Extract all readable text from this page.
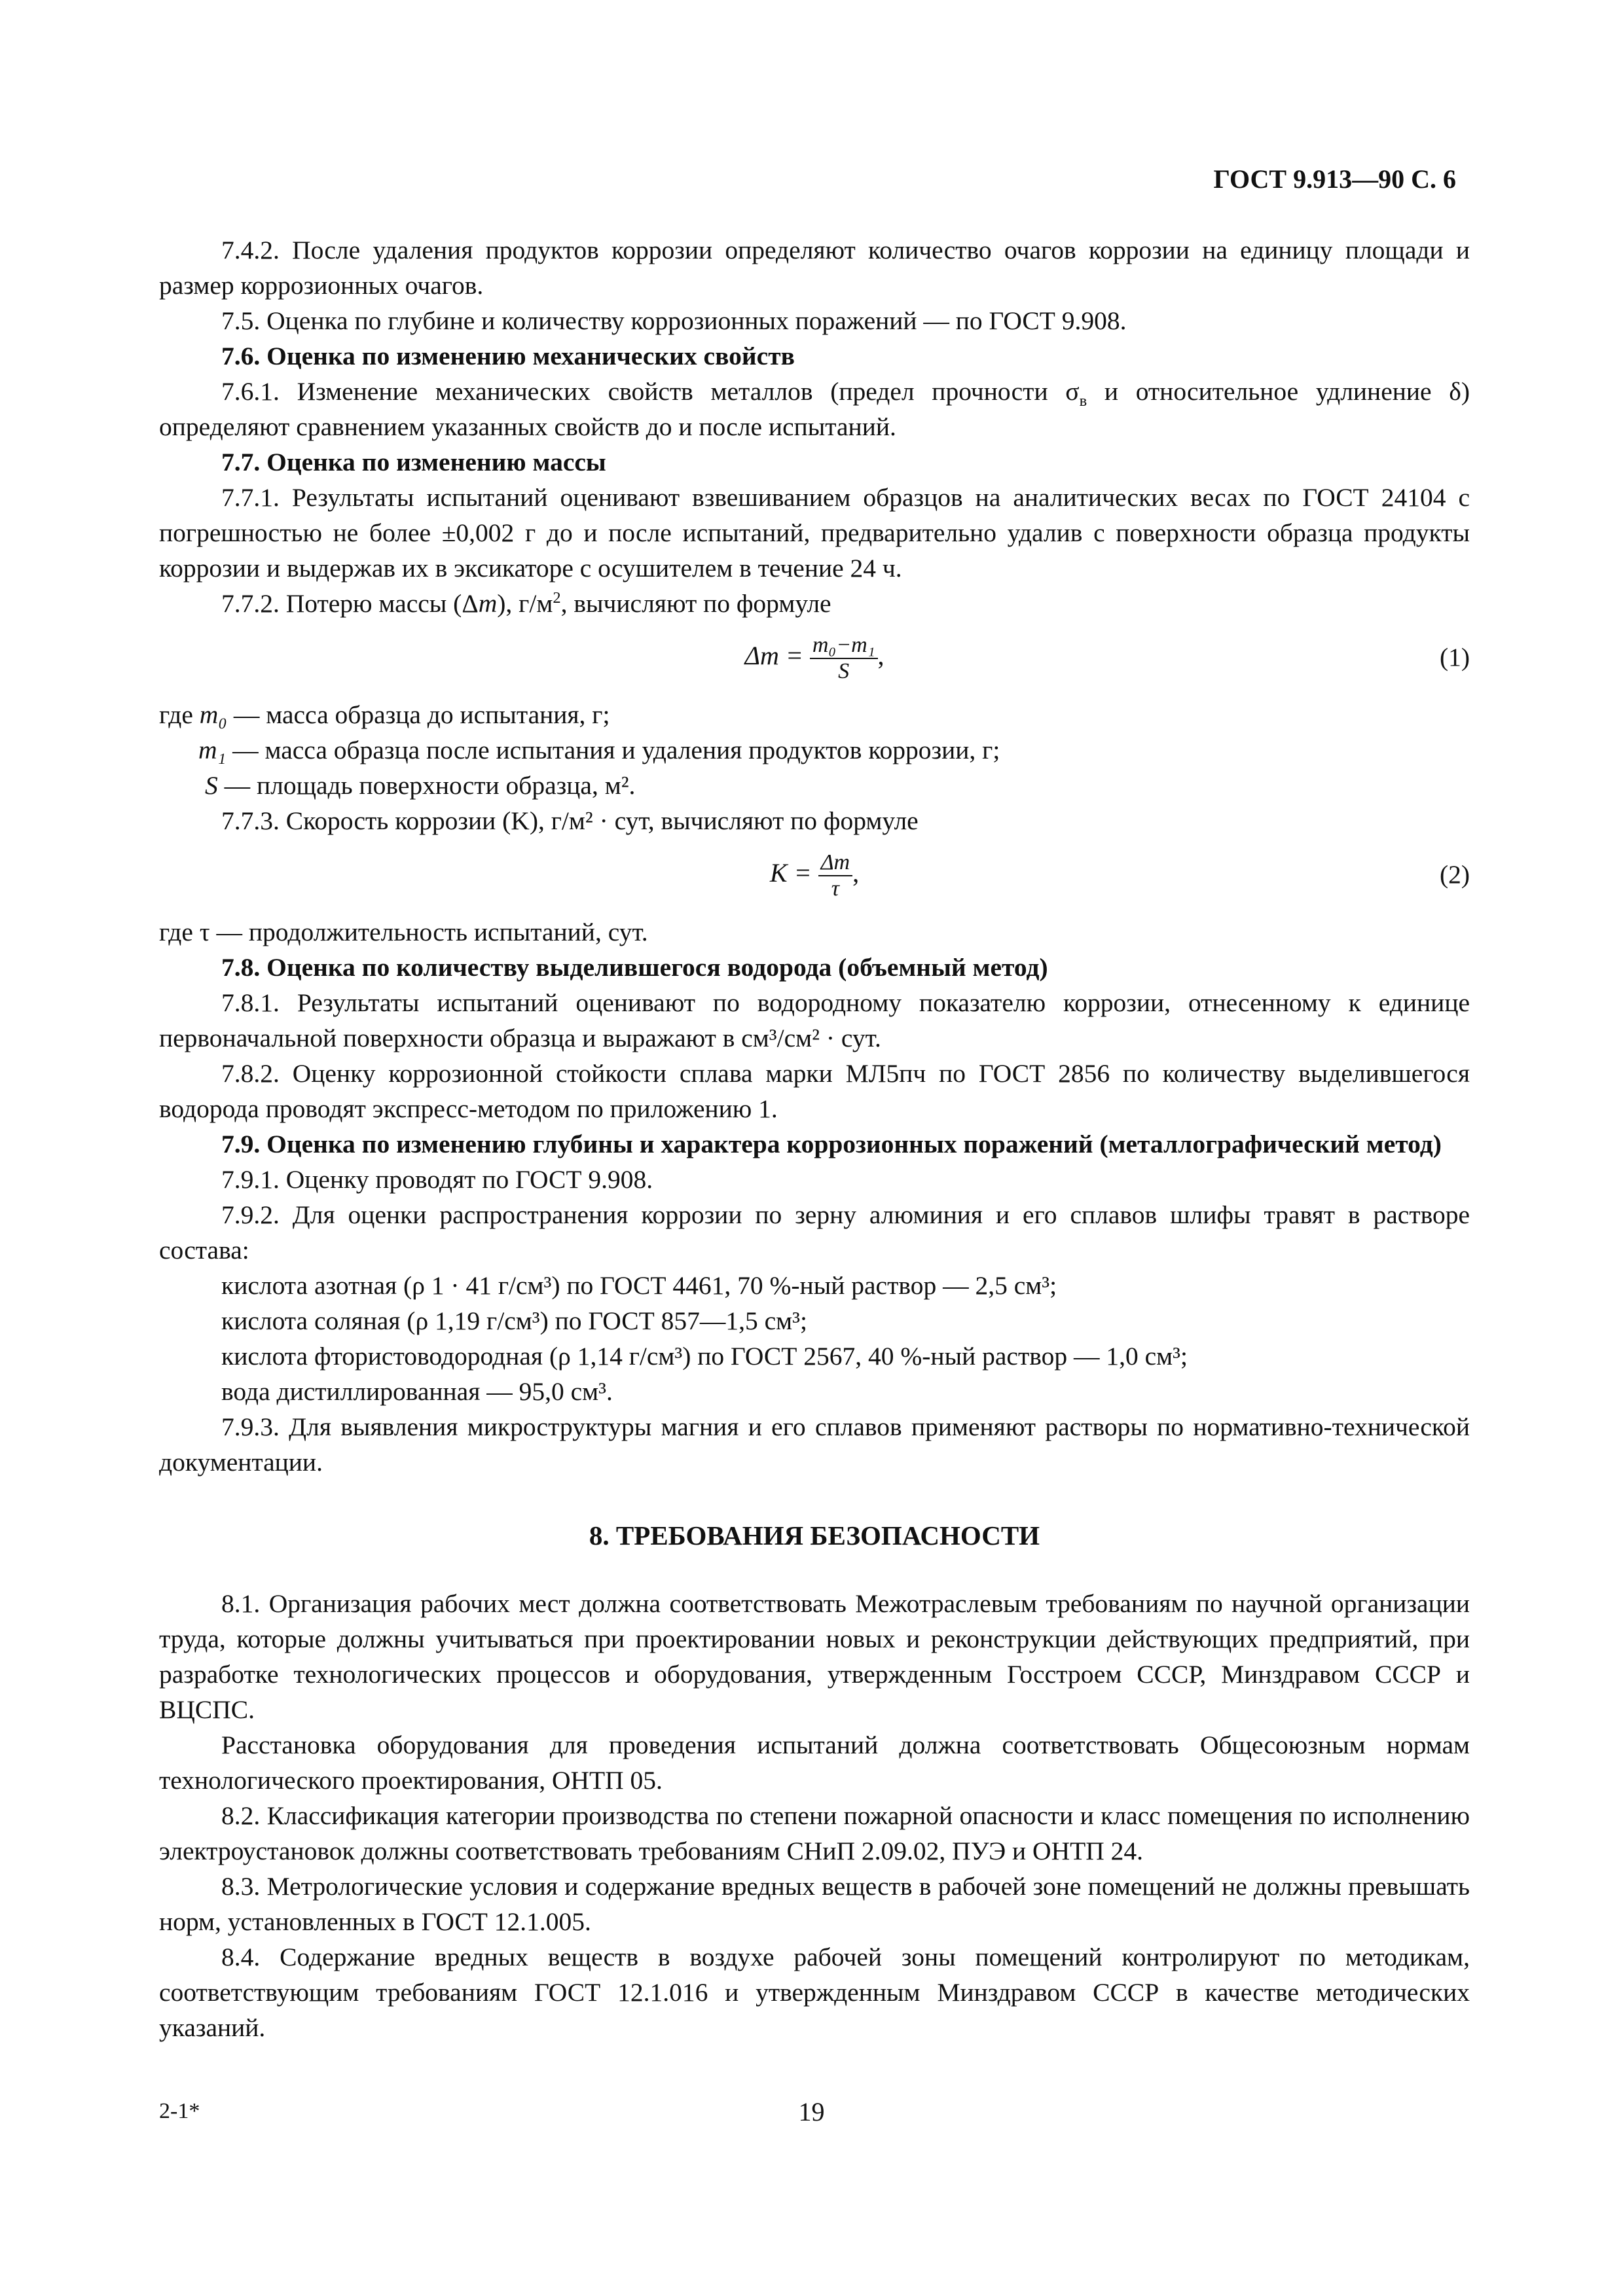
ГОСТ 9.913—90 С. 6

7.4.2. После удаления продуктов коррозии определяют количество очагов коррозии на единицу площади и размер коррозионных очагов.

7.5. Оценка по глубине и количеству коррозионных поражений — по ГОСТ 9.908.

7.6. Оценка по изменению механических свойств

7.6.1. Изменение механических свойств металлов (предел прочности $\sigma_в$ и относительное удлинение δ) определяют сравнением указанных свойств до и после испытаний.

7.7. Оценка по изменению массы

7.7.1. Результаты испытаний оценивают взвешиванием образцов на аналитических весах по ГОСТ 24104 с погрешностью не более ±0,002 г до и после испытаний, предварительно удалив с поверхности образца продукты коррозии и выдержав их в эксикаторе с осушителем в течение 24 ч.

7.7.2. Потерю массы (Δm), $г/м^2$, вычисляют по формуле

$\Delta m = \frac{\text{m₀−m₁}}{S}$ ,	(1)
где m₀ — масса образца до испытания, г;
m₁ — масса образца после испытания и удаления продуктов коррозии, г;
S — площадь поверхности образца, м².

7.7.3. Скорость коррозии (K), г/м² · сут, вычисляют по формуле

$K = \frac{\Delta m}{\tau}$ ,	(2)

где τ — продолжительность испытаний, сут.

7.8. Оценка по количеству выделившегося водорода (объемный метод)

7.8.1. Результаты испытаний оценивают по водородному показателю коррозии, отнесенному к единице первоначальной поверхности образца и выражают в см³/см² · сут.

7.8.2. Оценку коррозионной стойкости сплава марки МЛ5пч по ГОСТ 2856 по количеству выделившегося водорода проводят экспресс-методом по приложению 1.

7.9. Оценка по изменению глубины и характера коррозионных поражений (металлографический метод)

7.9.1. Оценку проводят по ГОСТ 9.908.

7.9.2. Для оценки распространения коррозии по зерну алюминия и его сплавов шлифы травят в растворе состава:

кислота азотная (ρ 1 · 41 г/см³) по ГОСТ 4461, 70 %-ный раствор — 2,5 см³;
кислота соляная (ρ 1,19 г/см³) по ГОСТ 857—1,5 см³;
кислота фтористоводородная (ρ 1,14 г/см³) по ГОСТ 2567, 40 %-ный раствор — 1,0 см³;
вода дистиллированная — 95,0 см³.

7.9.3. Для выявления микроструктуры магния и его сплавов применяют растворы по нормативно-технической документации.

8. ТРЕБОВАНИЯ БЕЗОПАСНОСТИ

8.1. Организация рабочих мест должна соответствовать Межотраслевым требованиям по научной организации труда, которые должны учитываться при проектировании новых и реконструкции действующих предприятий, при разработке технологических процессов и оборудования, утвержденным Госстроем СССР, Минздравом СССР и ВЦСПС.

Расстановка оборудования для проведения испытаний должна соответствовать Общесоюзным нормам технологического проектирования, ОНТП 05.

8.2. Классификация категории производства по степени пожарной опасности и класс помещения по исполнению электроустановок должны соответствовать требованиям СНиП 2.09.02, ПУЭ и ОНТП 24.

8.3. Метрологические условия и содержание вредных веществ в рабочей зоне помещений не должны превышать норм, установленных в ГОСТ 12.1.005.

8.4. Содержание вредных веществ в воздухе рабочей зоны помещений контролируют по методикам, соответствующим требованиям ГОСТ 12.1.016 и утвержденным Минздравом СССР в качестве методических указаний.

2-1*	19
